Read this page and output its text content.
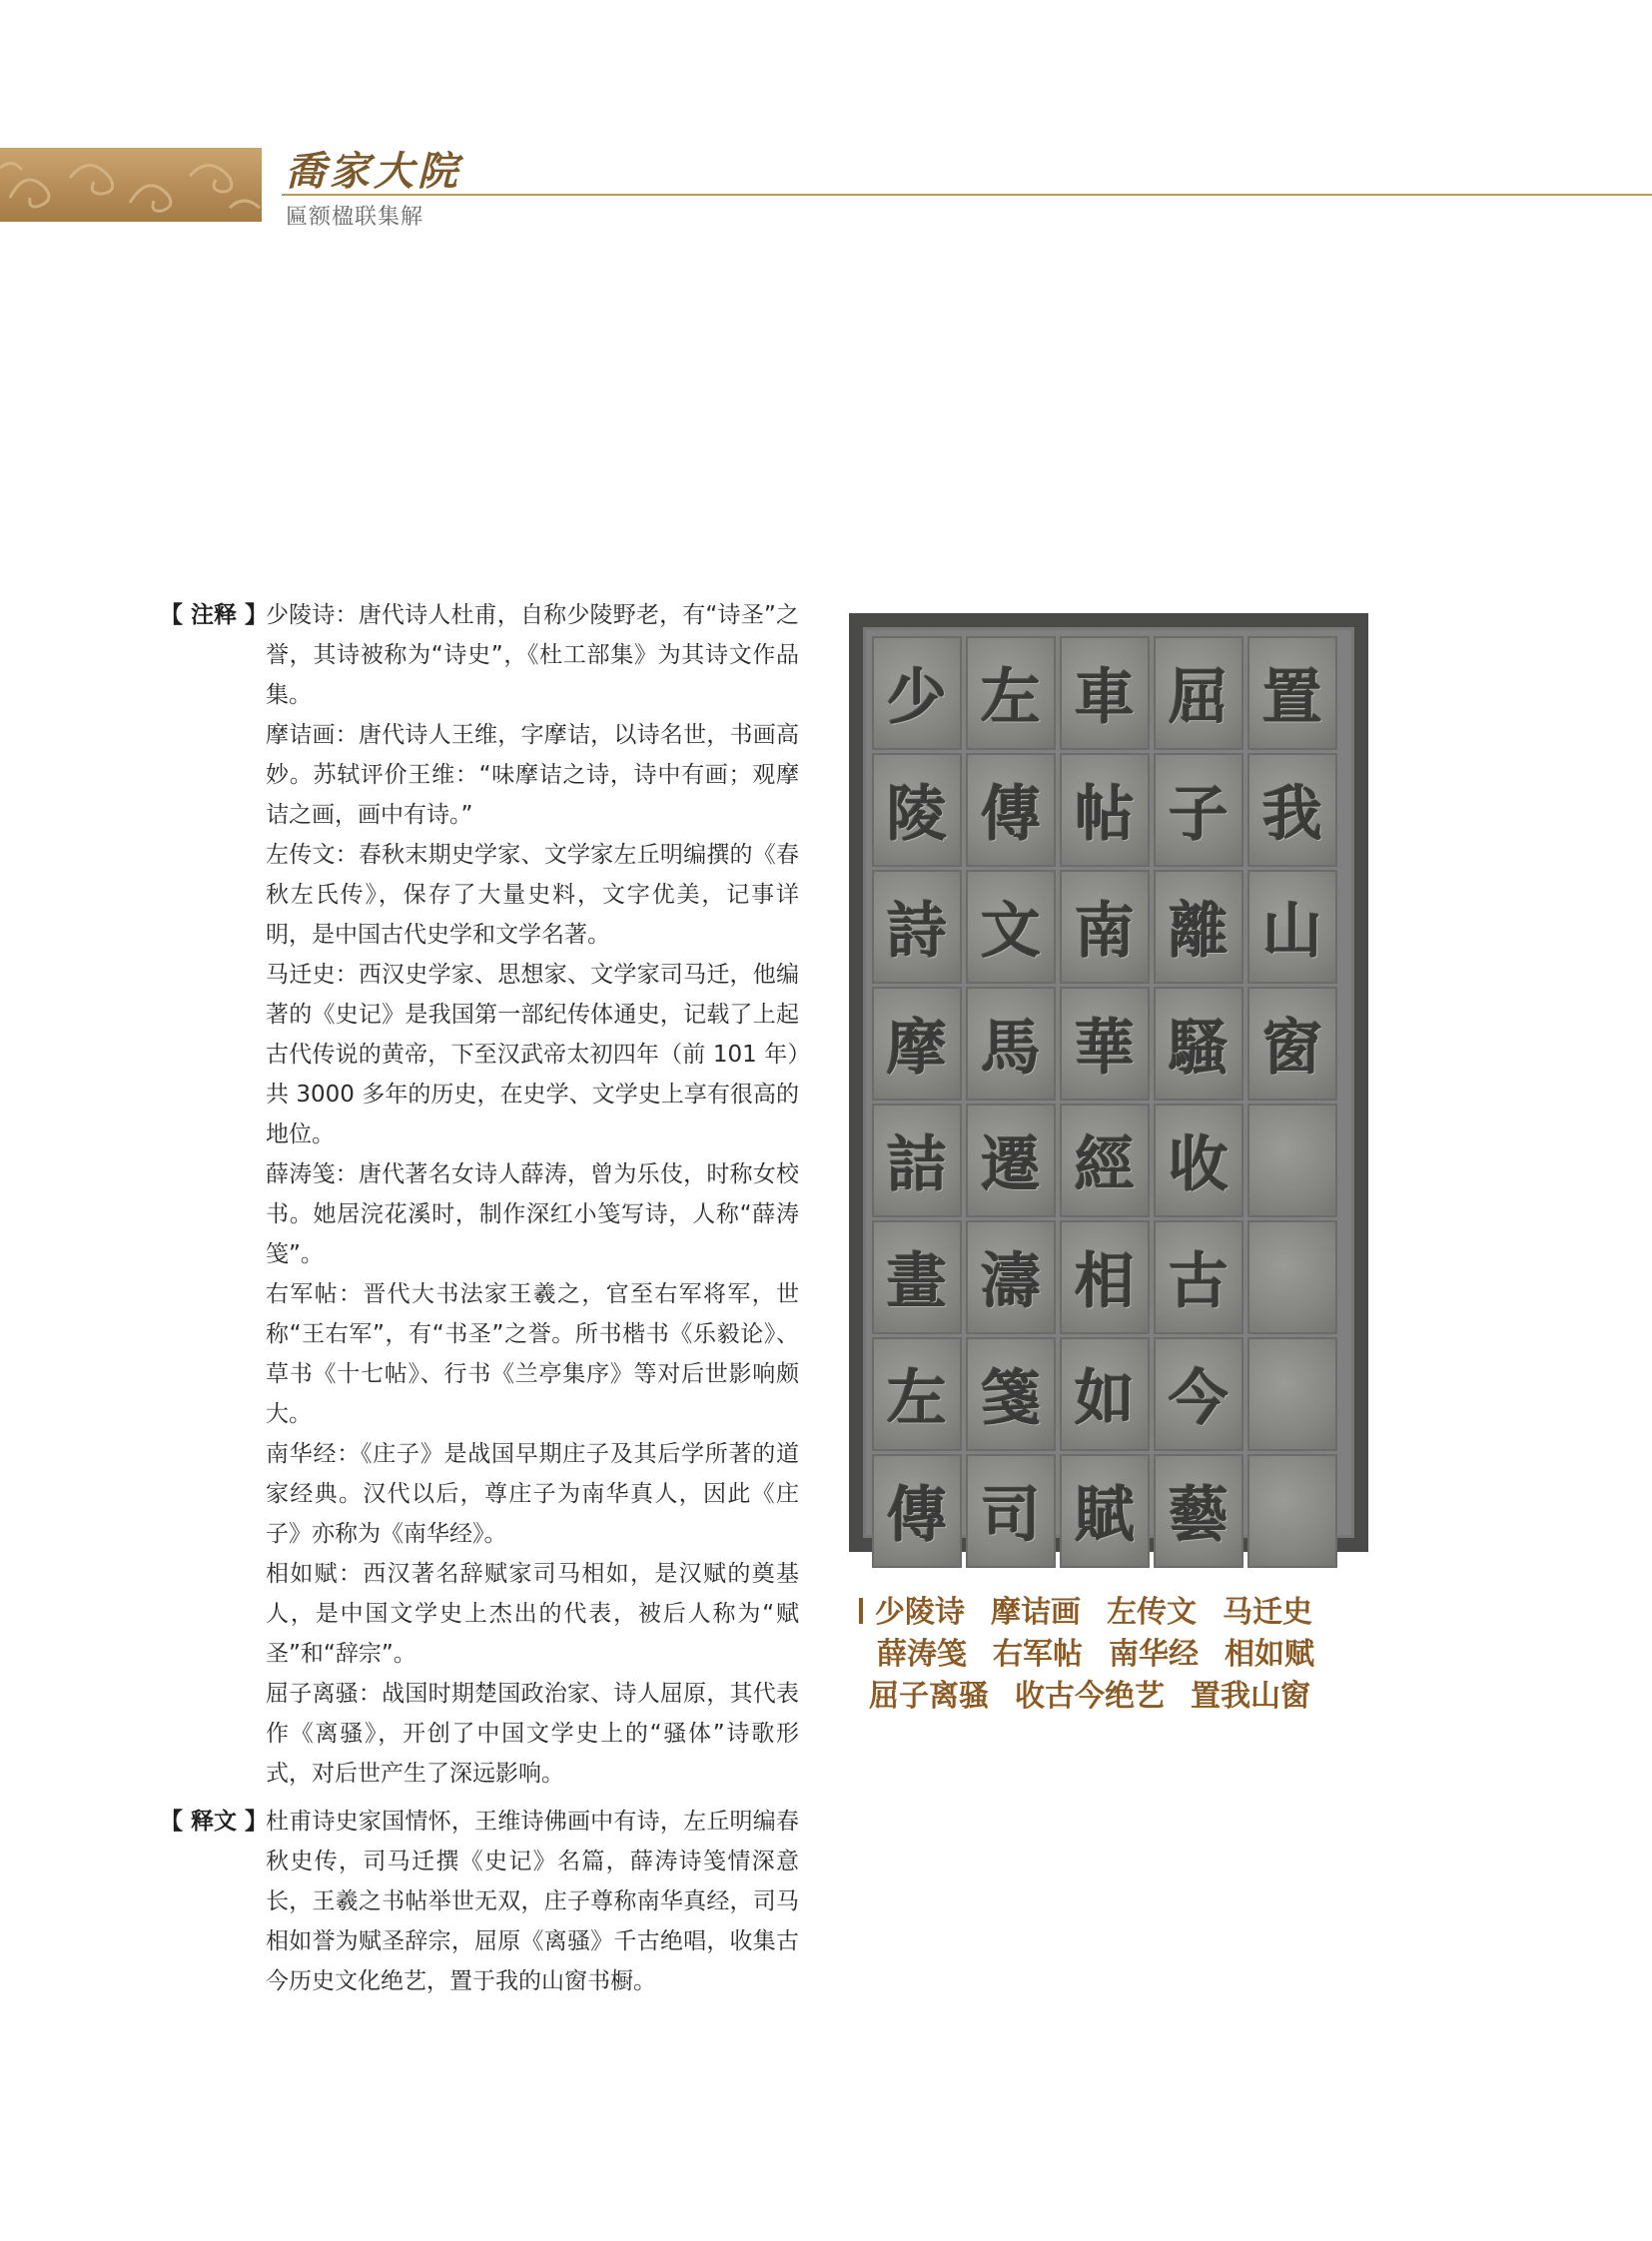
喬家大院
匾额楹联集解
【 注释 】

少陵诗：唐代诗人杜甫，自称少陵野老，有“诗圣”之誉，其诗被称为“诗史”，《杜工部集》为其诗文作品集。

摩诘画：唐代诗人王维，字摩诘，以诗名世，书画高妙。苏轼评价王维：“味摩诘之诗，诗中有画；观摩诘之画，画中有诗。”

左传文：春秋末期史学家、文学家左丘明编撰的《春秋左氏传》，保存了大量史料，文字优美，记事详明，是中国古代史学和文学名著。

马迁史：西汉史学家、思想家、文学家司马迁，他编著的《史记》是我国第一部纪传体通史，记载了上起古代传说的黄帝，下至汉武帝太初四年（前 101 年）共 3000 多年的历史，在史学、文学史上享有很高的地位。

薛涛笺：唐代著名女诗人薛涛，曾为乐伎，时称女校书。她居浣花溪时，制作深红小笺写诗，人称“薛涛笺”。

右军帖：晋代大书法家王羲之，官至右军将军，世称“王右军”，有“书圣”之誉。所书楷书《乐毅论》、草书《十七帖》、行书《兰亭集序》等对后世影响颇大。

南华经：《庄子》是战国早期庄子及其后学所著的道家经典。汉代以后，尊庄子为南华真人，因此《庄子》亦称为《南华经》。

相如赋：西汉著名辞赋家司马相如，是汉赋的奠基人，是中国文学史上杰出的代表，被后人称为“赋圣”和“辞宗”。

屈子离骚：战国时期楚国政治家、诗人屈原，其代表作《离骚》，开创了中国文学史上的“骚体”诗歌形式，对后世产生了深远影响。

【 释文 】

杜甫诗史家国情怀，王维诗佛画中有诗，左丘明编春秋史传，司马迁撰《史记》名篇，薛涛诗笺情深意长，王羲之书帖举世无双，庄子尊称南华真经，司马相如誉为赋圣辞宗，屈原《离骚》千古绝唱，收集古今历史文化绝艺，置于我的山窗书橱。

置
我
山
窗
屈
子
離
騷
收
古
今
藝
車
帖
南
華
經
相
如
賦
左
傳
文
馬
遷
濤
箋
司
少
陵
詩
摩
詰
畫
左
傳
少陵诗 摩诘画 左传文 马迁史
薛涛笺 右军帖 南华经 相如赋
屈子离骚 收古今绝艺 置我山窗
